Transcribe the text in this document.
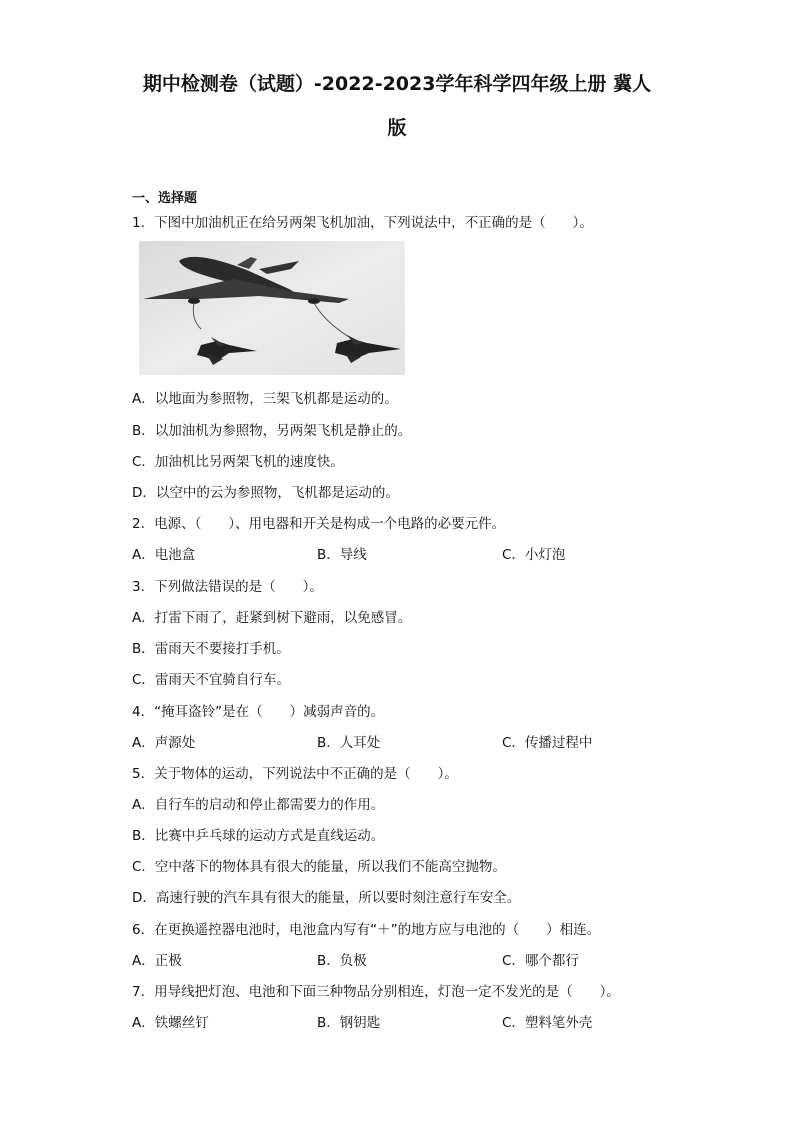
期中检测卷（试题）-2022-2023学年科学四年级上册 冀人
版
一、选择题
1．下图中加油机正在给另两架飞机加油，下列说法中，不正确的是（　　）。
A．以地面为参照物，三架飞机都是运动的。
B．以加油机为参照物，另两架飞机是静止的。
C．加油机比另两架飞机的速度快。
D．以空中的云为参照物，飞机都是运动的。
2．电源、（　　）、用电器和开关是构成一个电路的必要元件。
A．电池盒	B．导线	C．小灯泡
3．下列做法错误的是（　　）。
A．打雷下雨了，赶紧到树下避雨，以免感冒。
B．雷雨天不要接打手机。
C．雷雨天不宜骑自行车。
4．“掩耳盗铃”是在（　　）减弱声音的。
A．声源处	B．人耳处	C．传播过程中
5．关于物体的运动，下列说法中不正确的是（　　）。
A．自行车的启动和停止都需要力的作用。
B．比赛中乒乓球的运动方式是直线运动。
C．空中落下的物体具有很大的能量，所以我们不能高空抛物。
D．高速行驶的汽车具有很大的能量，所以要时刻注意行车安全。
6．在更换遥控器电池时，电池盒内写有“＋”的地方应与电池的（　　）相连。
A．正极	B．负极	C．哪个都行
7．用导线把灯泡、电池和下面三种物品分别相连，灯泡一定不发光的是（　　）。
A．铁螺丝钉	B．钢钥匙	C．塑料笔外壳
